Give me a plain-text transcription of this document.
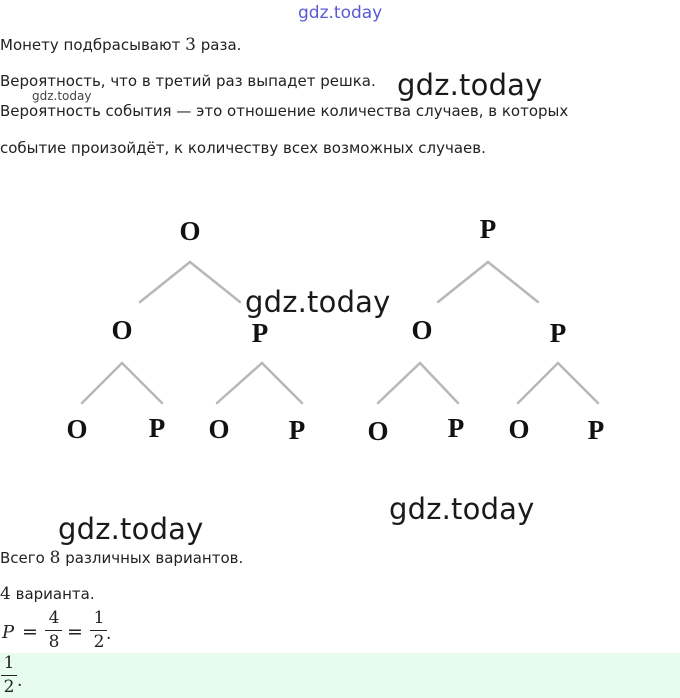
gdz.today
Монету подбрасывают 3 раза.
Вероятность, что в третий раз выпадет решка. gdz.today
gdz.today
Вероятность события — это отношение количества случаев, в которых
событие произойдёт, к количеству всех возможных случаев.
О	Р
О	Р	О	Р
О Р О Р О Р О Р
gdz.today
gdz.today
gdz.today
Всего 8 различных вариантов.
4 варианта.
P =
4
8 =
1
2 .
1
2 .
